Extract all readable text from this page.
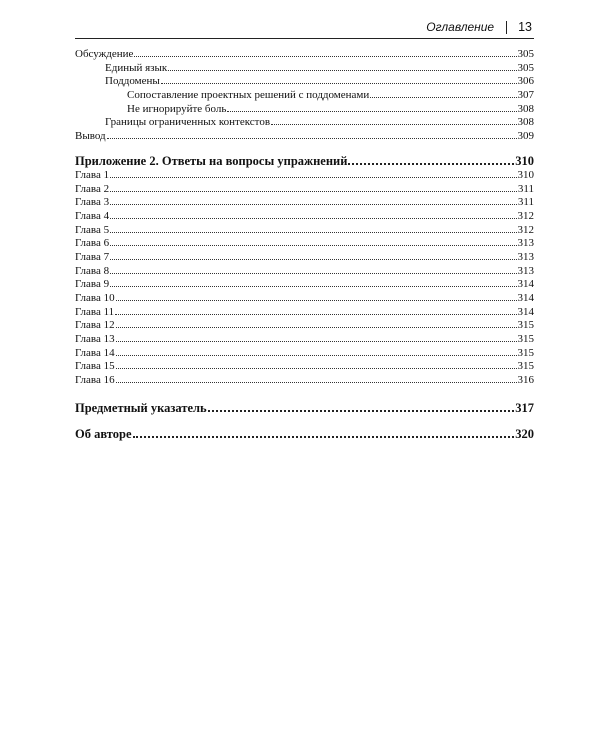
Оглавление 13
Обсуждение	305
Единый язык	305
Поддомены	306
Сопоставление проектных решений с поддоменами	307
Не игнорируйте боль	308
Границы ограниченных контекстов	308
Вывод	309
Приложение 2. Ответы на вопросы упражнений	310
Глава 1	310
Глава 2	311
Глава 3	311
Глава 4	312
Глава 5	312
Глава 6	313
Глава 7	313
Глава 8	313
Глава 9	314
Глава 10	314
Глава 11	314
Глава 12	315
Глава 13	315
Глава 14	315
Глава 15	315
Глава 16	316
Предметный указатель	317
Об авторе	320
